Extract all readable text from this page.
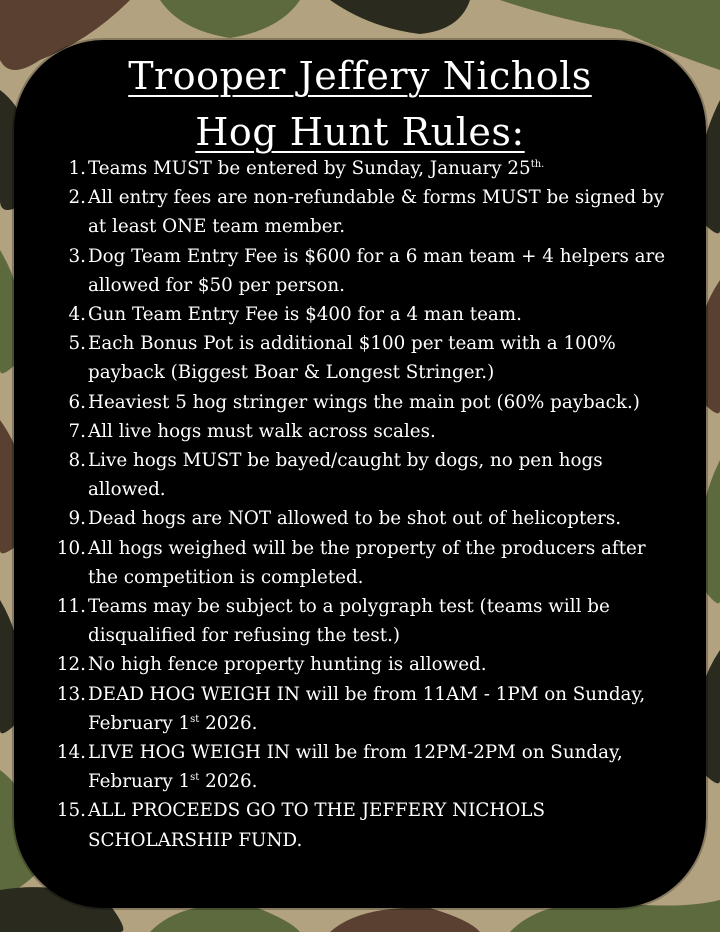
Trooper Jeffery Nichols
Hog Hunt Rules:
1. Teams MUST be entered by Sunday, January $25^{th.}$
2. All entry fees are non-refundable & forms MUST be signed by at least ONE team member.
3. Dog Team Entry Fee is $600 for a 6 man team + 4 helpers are allowed for $50 per person.
4. Gun Team Entry Fee is $400 for a 4 man team.
5. Each Bonus Pot is additional $100 per team with a 100% payback (Biggest Boar & Longest Stringer.)
6. Heaviest 5 hog stringer wings the main pot (60% payback.)
7. All live hogs must walk across scales.
8. Live hogs MUST be bayed/caught by dogs, no pen hogs allowed.
9. Dead hogs are NOT allowed to be shot out of helicopters.
10. All hogs weighed will be the property of the producers after the competition is completed.
11. Teams may be subject to a polygraph test (teams will be disqualified for refusing the test.)
12. No high fence property hunting is allowed.
13. DEAD HOG WEIGH IN will be from 11AM - 1PM on Sunday, February 1st 2026.
14. LIVE HOG WEIGH IN will be from 12PM-2PM on Sunday, February 1st 2026.
15. ALL PROCEEDS GO TO THE JEFFERY NICHOLS SCHOLARSHIP FUND.
